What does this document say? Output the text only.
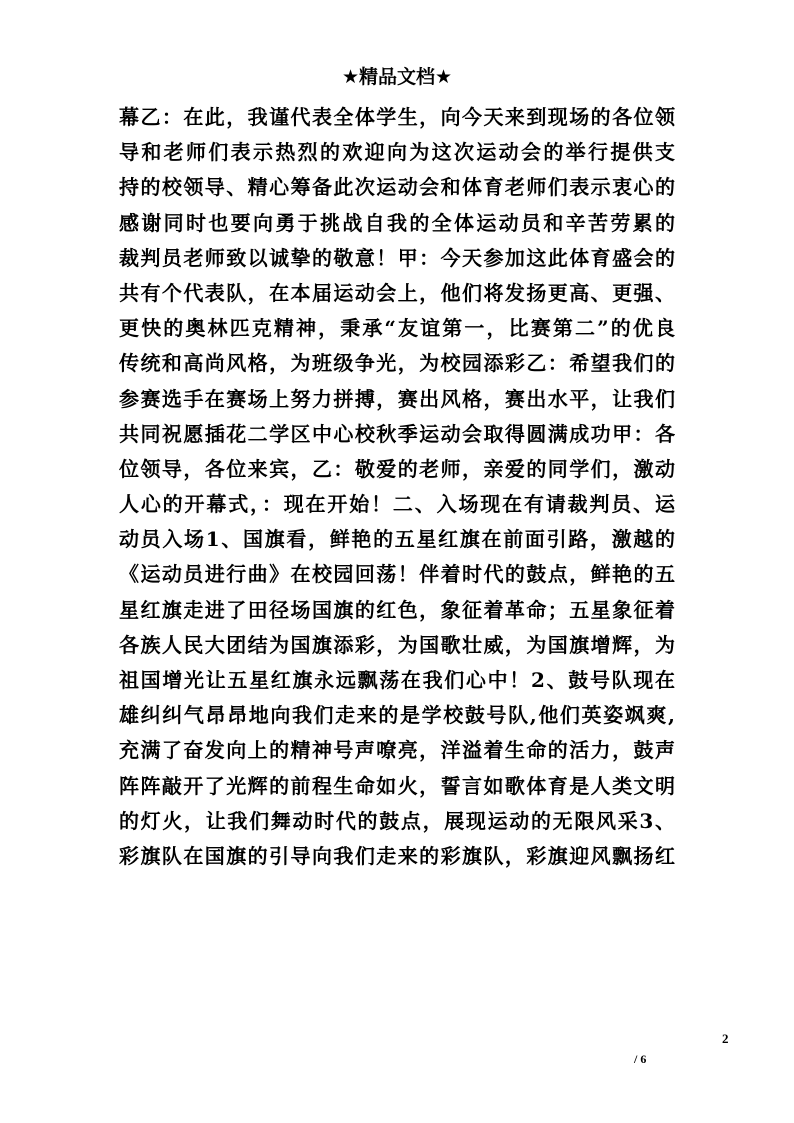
★精品文档★
幕乙：在此，我谨代表全体学生，向今天来到现场的各位领
导和老师们表示热烈的欢迎向为这次运动会的举行提供支
持的校领导、精心筹备此次运动会和体育老师们表示衷心的
感谢同时也要向勇于挑战自我的全体运动员和辛苦劳累的
裁判员老师致以诚挚的敬意！甲：今天参加这此体育盛会的
共有个代表队，在本届运动会上，他们将发扬更高、更强、
更快的奥林匹克精神，秉承“友谊第一，比赛第二”的优良
传统和高尚风格，为班级争光，为校园添彩乙：希望我们的
参赛选手在赛场上努力拼搏，赛出风格，赛出水平，让我们
共同祝愿插花二学区中心校秋季运动会取得圆满成功甲：各
位领导，各位来宾，乙：敬爱的老师，亲爱的同学们，激动
人心的开幕式，：现在开始！二、入场现在有请裁判员、运
动员入场1、国旗看，鲜艳的五星红旗在前面引路，激越的
《运动员进行曲》在校园回荡！伴着时代的鼓点，鲜艳的五
星红旗走进了田径场国旗的红色，象征着革命；五星象征着
各族人民大团结为国旗添彩，为国歌壮威，为国旗增辉，为
祖国增光让五星红旗永远飘荡在我们心中！2、鼓号队现在
雄纠纠气昂昂地向我们走来的是学校鼓号队,他们英姿飒爽,
充满了奋发向上的精神号声嘹亮，洋溢着生命的活力，鼓声
阵阵敲开了光辉的前程生命如火，誓言如歌体育是人类文明
的灯火，让我们舞动时代的鼓点，展现运动的无限风采3、
彩旗队在国旗的引导向我们走来的彩旗队，彩旗迎风飘扬红
2
/ 6
